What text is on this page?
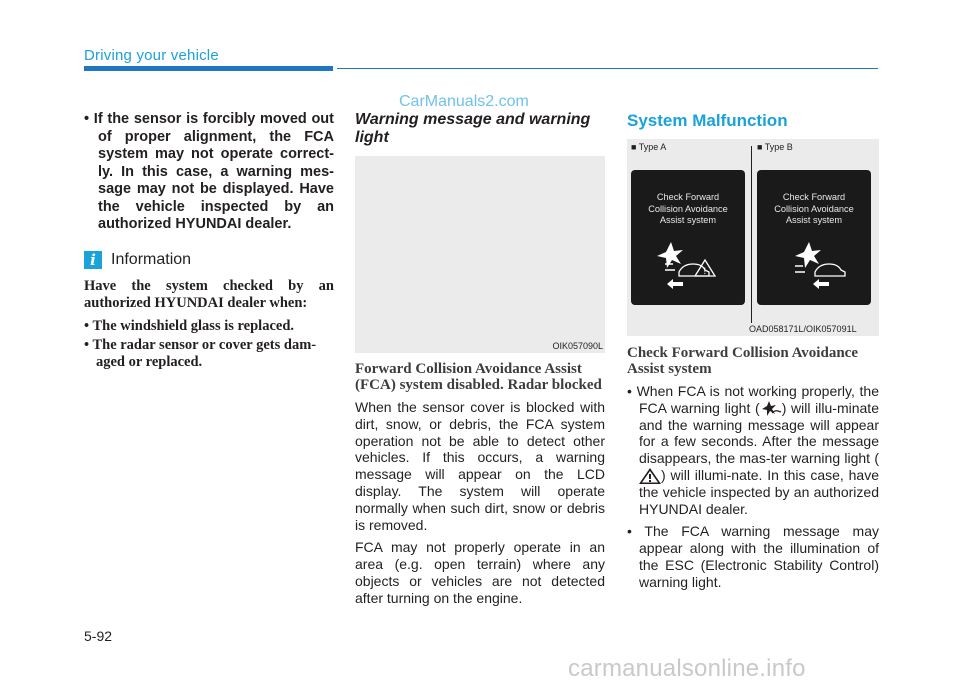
Driving your vehicle
CarManuals2.com

• If the sensor is forcibly moved out of proper alignment, the FCA system may not operate correct-ly. In this case, a warning mes-sage may not be displayed. Have the vehicle inspected by an authorized HYUNDAI dealer.

i Information

Have the system checked by an authorized HYUNDAI dealer when:

• The windshield glass is replaced.
• The radar sensor or cover gets dam-aged or replaced.

Warning message and warning light

OIK057090L

Forward Collision Avoidance Assist (FCA) system disabled. Radar blocked

When the sensor cover is blocked with dirt, snow, or debris, the FCA system operation not be able to detect other vehicles. If this occurs, a warning message will appear on the LCD display. The system will operate normally when such dirt, snow or debris is removed.

FCA may not properly operate in an area (e.g. open terrain) where any objects or vehicles are not detected after turning on the engine.

System Malfunction

■ Type A	■ Type B
Check Forward
Collision Avoidance
Assist system
!
Check Forward
Collision Avoidance
Assist system
OAD058171L/OIK057091L

Check Forward Collision Avoidance Assist system

• When FCA is not working properly, the FCA warning light ( ) will illu-minate and the warning message will appear for a few seconds. After the message disappears, the mas-ter warning light (
) will illumi-nate. In this case, have the vehicle inspected by an authorized HYUNDAI dealer.

• The FCA warning message may appear along with the illumination of the ESC (Electronic Stability Control) warning light.

5-92
carmanualsonline.info
